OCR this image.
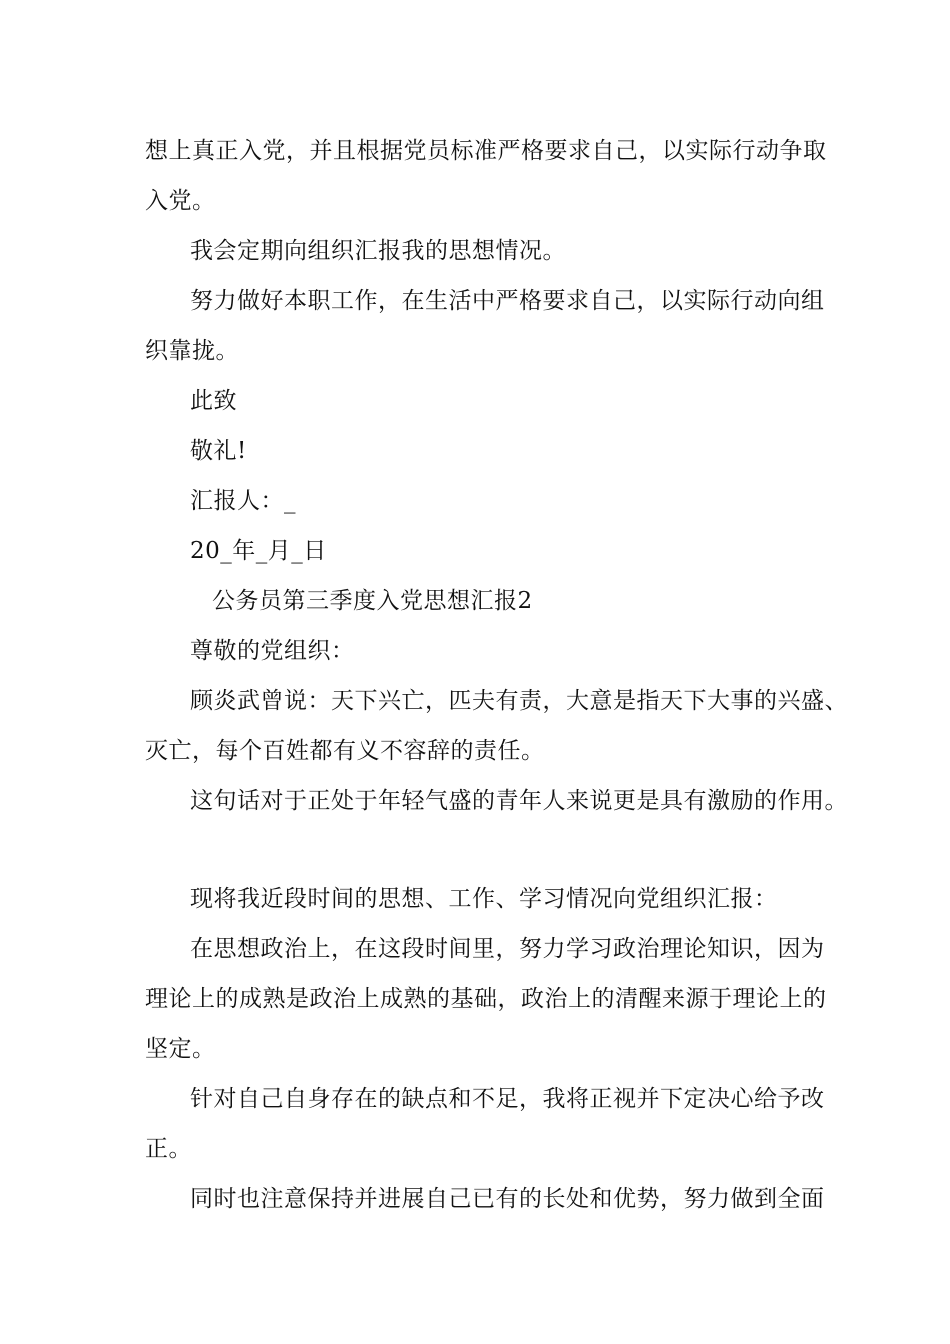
想上真正入党，并且根据党员标准严格要求自己，以实际行动争取
入党。
我会定期向组织汇报我的思想情况。
努力做好本职工作，在生活中严格要求自己，以实际行动向组
织靠拢。
此致
敬礼!
汇报人：_
20_年_月_日
公务员第三季度入党思想汇报2
尊敬的党组织：
顾炎武曾说：天下兴亡，匹夫有责，大意是指天下大事的兴盛、
灭亡，每个百姓都有义不容辞的责任。
这句话对于正处于年轻气盛的青年人来说更是具有激励的作用。
现将我近段时间的思想、工作、学习情况向党组织汇报：
在思想政治上，在这段时间里，努力学习政治理论知识，因为
理论上的成熟是政治上成熟的基础，政治上的清醒来源于理论上的
坚定。
针对自己自身存在的缺点和不足，我将正视并下定决心给予改
正。
同时也注意保持并进展自己已有的长处和优势，努力做到全面
